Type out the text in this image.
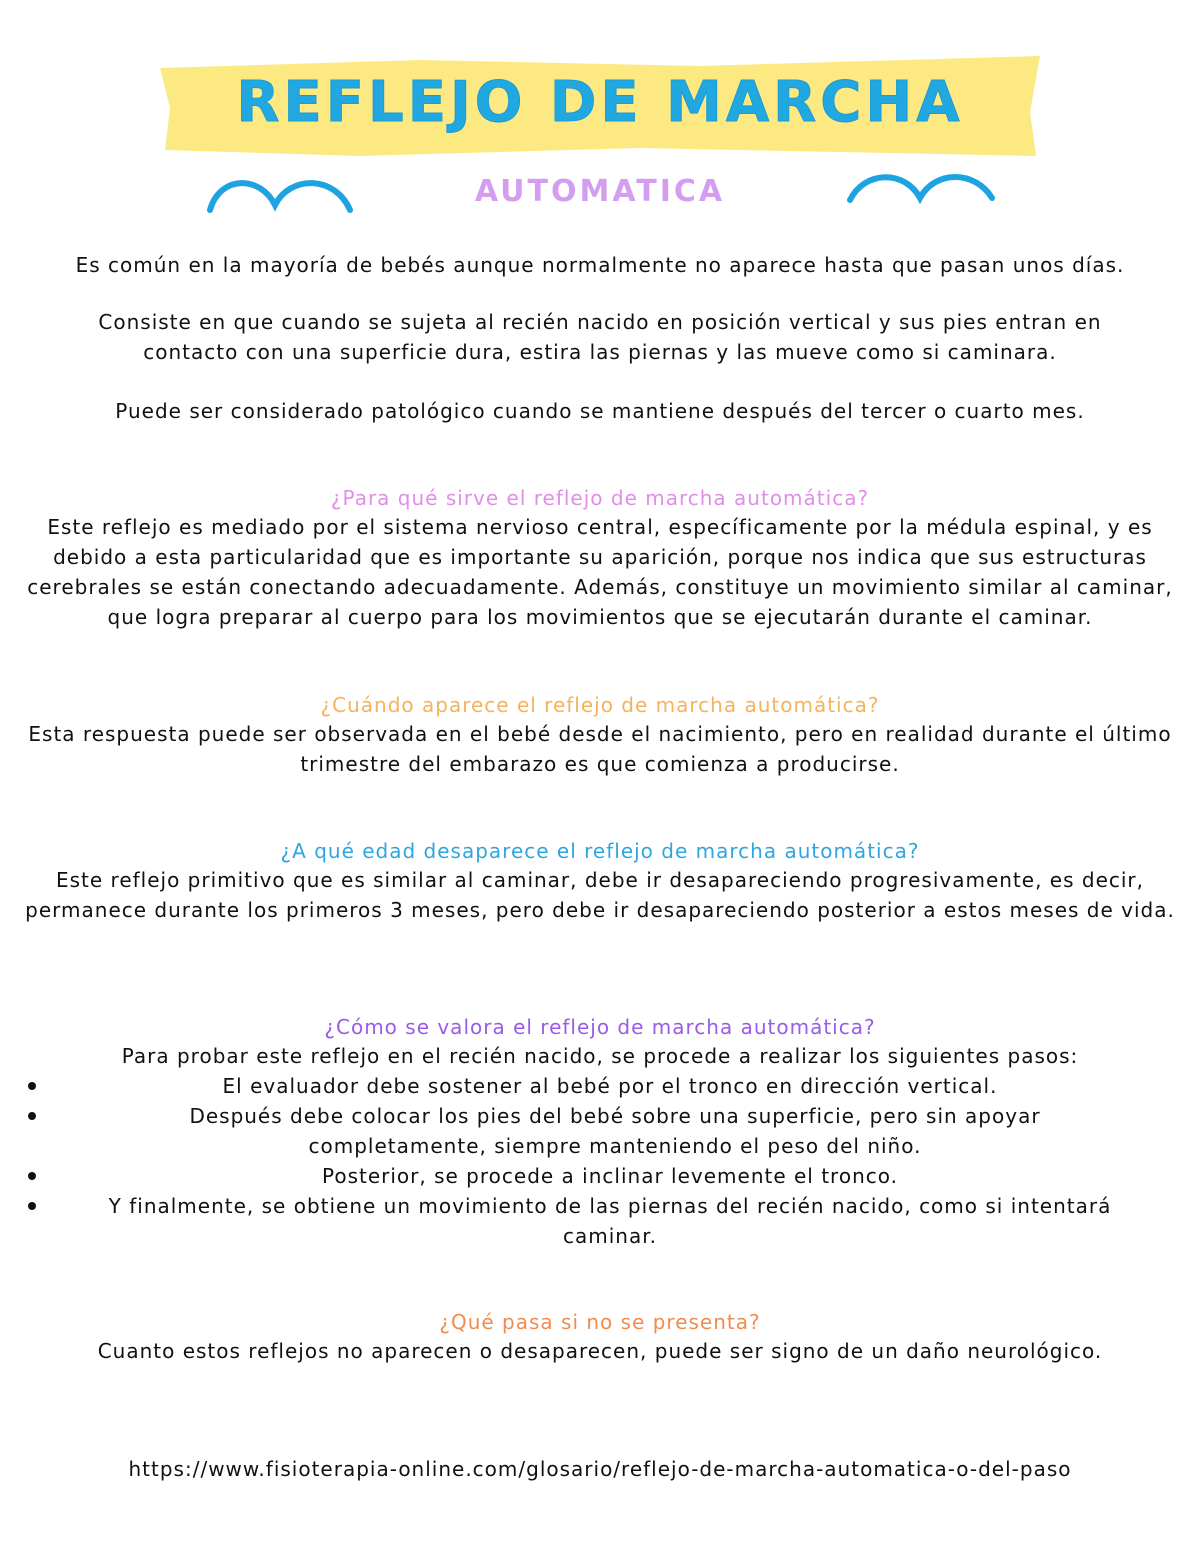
REFLEJO DE MARCHA
AUTOMATICA

Es común en la mayoría de bebés aunque normalmente no aparece hasta que pasan unos días.

Consiste en que cuando se sujeta al recién nacido en posición vertical y sus pies entran en contacto con una superficie dura, estira las piernas y las mueve como si caminara.

Puede ser considerado patológico cuando se mantiene después del tercer o cuarto mes.

¿Para qué sirve el reflejo de marcha automática?

Este reflejo es mediado por el sistema nervioso central, específicamente por la médula espinal, y es debido a esta particularidad que es importante su aparición, porque nos indica que sus estructuras cerebrales se están conectando adecuadamente. Además, constituye un movimiento similar al caminar, que logra preparar al cuerpo para los movimientos que se ejecutarán durante el caminar.

¿Cuándo aparece el reflejo de marcha automática?

Esta respuesta puede ser observada en el bebé desde el nacimiento, pero en realidad durante el último trimestre del embarazo es que comienza a producirse.

¿A qué edad desaparece el reflejo de marcha automática?

Este reflejo primitivo que es similar al caminar, debe ir desapareciendo progresivamente, es decir, permanece durante los primeros 3 meses, pero debe ir desapareciendo posterior a estos meses de vida.

¿Cómo se valora el reflejo de marcha automática?

Para probar este reflejo en el recién nacido, se procede a realizar los siguientes pasos:

El evaluador debe sostener al bebé por el tronco en dirección vertical.
Después debe colocar los pies del bebé sobre una superficie, pero sin apoyar completamente, siempre manteniendo el peso del niño.
Posterior, se procede a inclinar levemente el tronco.
Y finalmente, se obtiene un movimiento de las piernas del recién nacido, como si intentará caminar.

¿Qué pasa si no se presenta?

Cuanto estos reflejos no aparecen o desaparecen, puede ser signo de un daño neurológico.

https://www.fisioterapia-online.com/glosario/reflejo-de-marcha-automatica-o-del-paso
